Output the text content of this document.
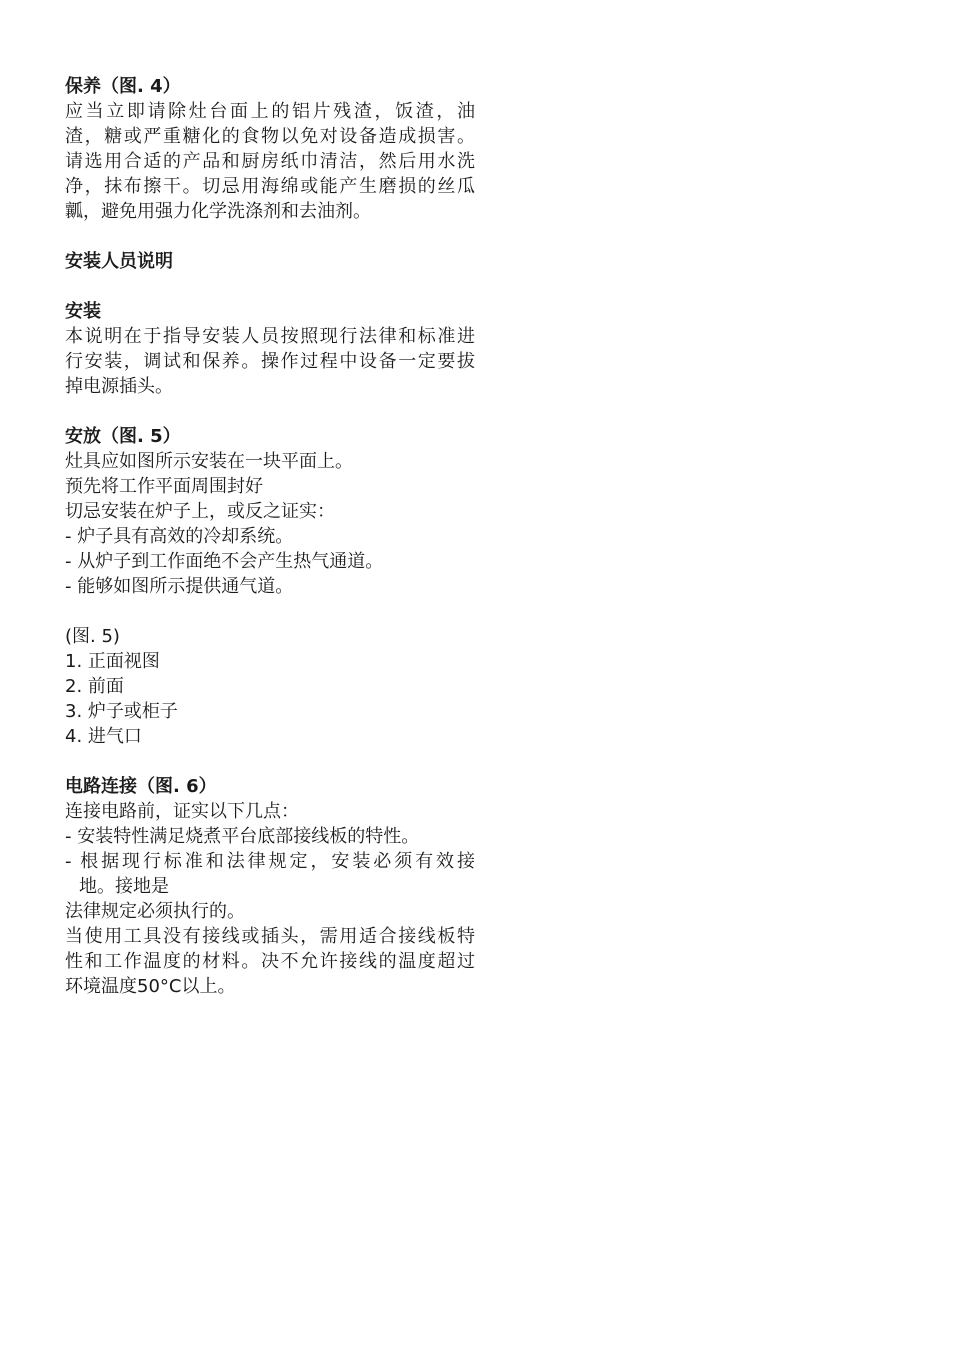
保养（图. 4）
应当立即请除灶台面上的铝片残渣，饭渣，油
渣，糖或严重糖化的食物以免对设备造成损害。
请选用合适的产品和厨房纸巾清洁，然后用水洗
净，抹布擦干。切忌用海绵或能产生磨损的丝瓜
瓤，避免用强力化学洗涤剂和去油剂。
安装人员说明
安装
本说明在于指导安装人员按照现行法律和标准进
行安装，调试和保养。操作过程中设备一定要拔
掉电源插头。
安放（图. 5）
灶具应如图所示安装在一块平面上。
预先将工作平面周围封好
切忌安装在炉子上，或反之证实：
- 炉子具有高效的冷却系统。
- 从炉子到工作面绝不会产生热气通道。
- 能够如图所示提供通气道。
(图. 5)
1. 正面视图
2. 前面
3. 炉子或柜子
4. 进气口
电路连接（图. 6）
连接电路前，证实以下几点：
- 安装特性满足烧煮平台底部接线板的特性。
- 根据现行标准和法律规定，安装必须有效接
地。接地是
法律规定必须执行的。
当使用工具没有接线或插头，需用适合接线板特
性和工作温度的材料。决不允许接线的温度超过
环境温度50°C以上。
